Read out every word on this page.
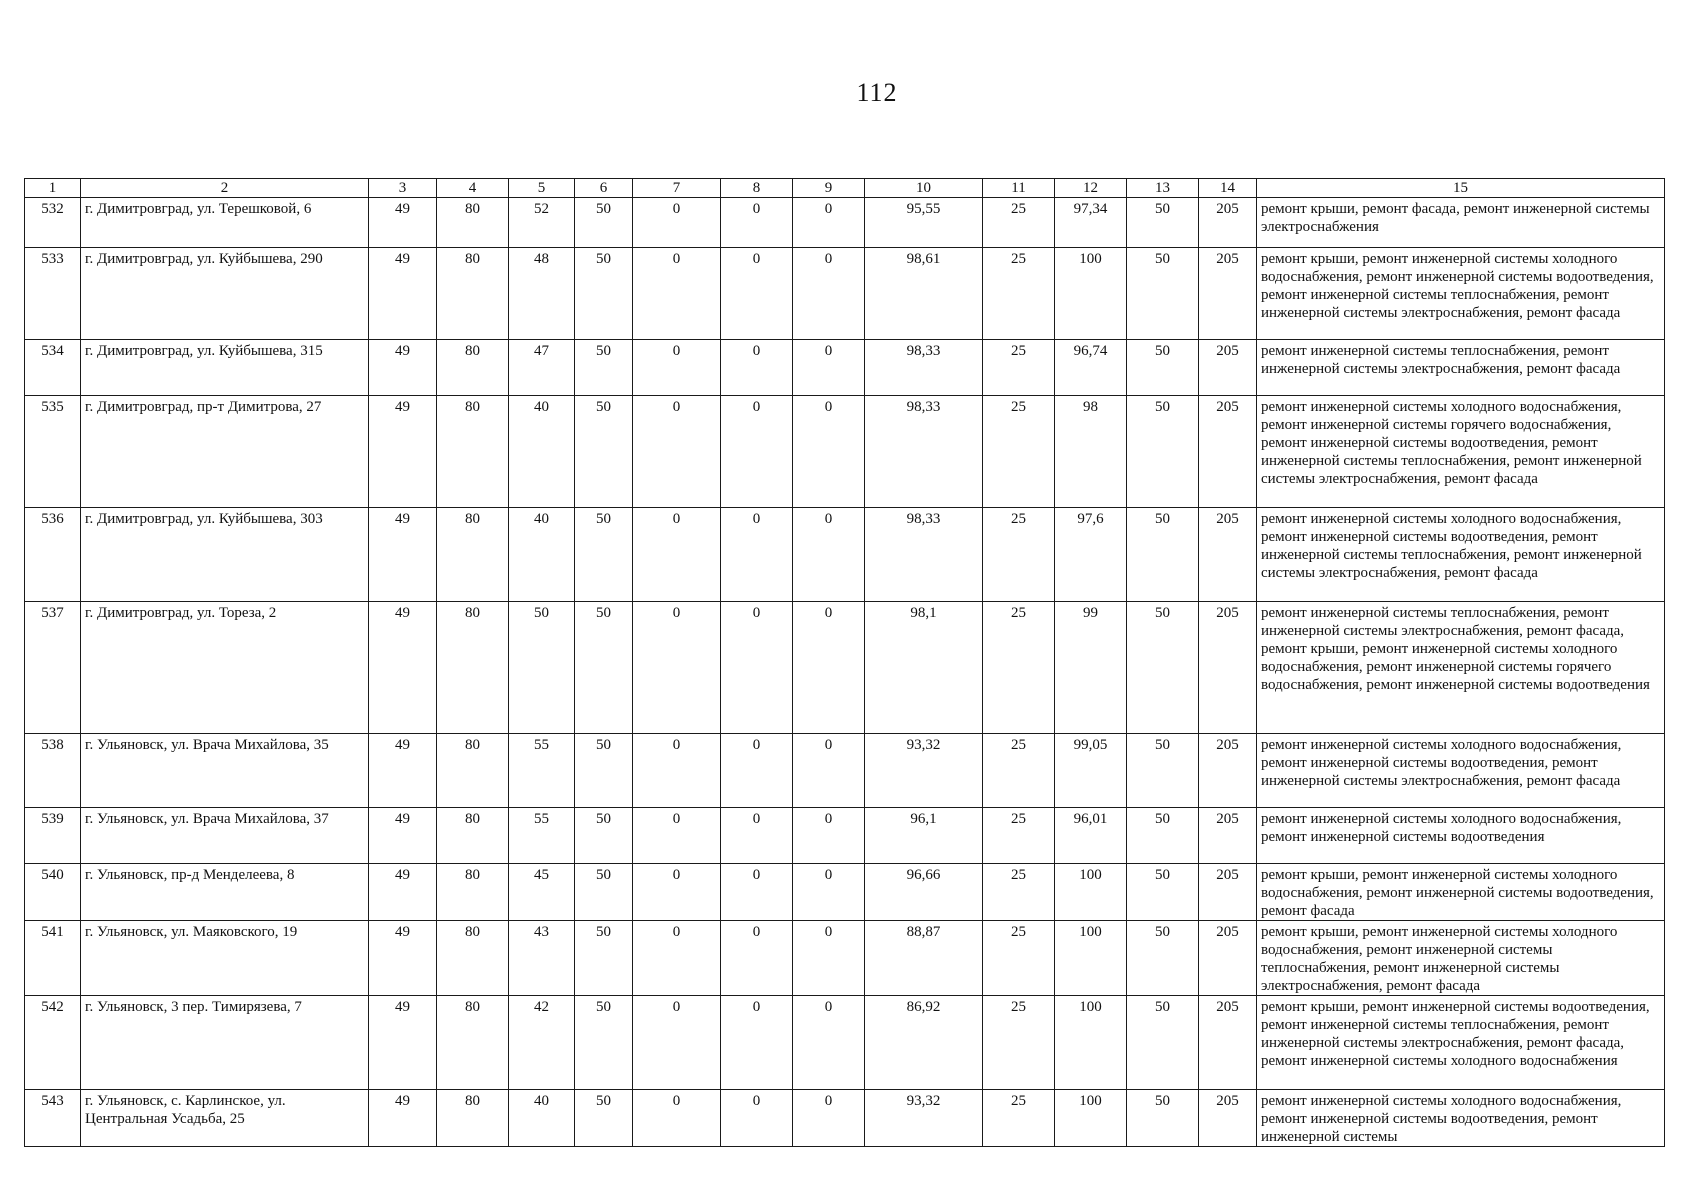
112
1	2	3	4	5	6	7	8	9	10	11	12	13	14	15
532	г. Димитровград, ул. Терешковой, 6	49	80	52	50	0	0	0	95,55	25	97,34	50	205	ремонт крыши, ремонт фасада, ремонт инженерной системы электроснабжения
533	г. Димитровград, ул. Куйбышева, 290	49	80	48	50	0	0	0	98,61	25	100	50	205	ремонт крыши, ремонт инженерной системы холодного водоснабжения, ремонт инженерной системы водоотведения, ремонт инженерной системы теплоснабжения, ремонт инженерной системы электроснабжения, ремонт фасада
534	г. Димитровград, ул. Куйбышева, 315	49	80	47	50	0	0	0	98,33	25	96,74	50	205	ремонт инженерной системы теплоснабжения, ремонт инженерной системы электроснабжения, ремонт фасада
535	г. Димитровград, пр-т Димитрова, 27	49	80	40	50	0	0	0	98,33	25	98	50	205	ремонт инженерной системы холодного водоснабжения, ремонт инженерной системы горячего водоснабжения, ремонт инженерной системы водоотведения, ремонт инженерной системы теплоснабжения, ремонт инженерной системы электроснабжения, ремонт фасада
536	г. Димитровград, ул. Куйбышева, 303	49	80	40	50	0	0	0	98,33	25	97,6	50	205	ремонт инженерной системы холодного водоснабжения, ремонт инженерной системы водоотведения, ремонт инженерной системы теплоснабжения, ремонт инженерной системы электроснабжения, ремонт фасада
537	г. Димитровград, ул. Тореза, 2	49	80	50	50	0	0	0	98,1	25	99	50	205	ремонт инженерной системы теплоснабжения, ремонт инженерной системы электроснабжения, ремонт фасада, ремонт крыши, ремонт инженерной системы холодного водоснабжения, ремонт инженерной системы горячего водоснабжения, ремонт инженерной системы водоотведения
538	г. Ульяновск, ул. Врача Михайлова, 35	49	80	55	50	0	0	0	93,32	25	99,05	50	205	ремонт инженерной системы холодного водоснабжения, ремонт инженерной системы водоотведения, ремонт инженерной системы электроснабжения, ремонт фасада
539	г. Ульяновск, ул. Врача Михайлова, 37	49	80	55	50	0	0	0	96,1	25	96,01	50	205	ремонт инженерной системы холодного водоснабжения, ремонт инженерной системы водоотведения
540	г. Ульяновск, пр-д Менделеева, 8	49	80	45	50	0	0	0	96,66	25	100	50	205	ремонт крыши, ремонт инженерной системы холодного водоснабжения, ремонт инженерной системы водоотведения, ремонт фасада
541	г. Ульяновск, ул. Маяковского, 19	49	80	43	50	0	0	0	88,87	25	100	50	205	ремонт крыши, ремонт инженерной системы холодного водоснабжения, ремонт инженерной системы теплоснабжения, ремонт инженерной системы электроснабжения, ремонт фасада
542	г. Ульяновск, 3 пер. Тимирязева, 7	49	80	42	50	0	0	0	86,92	25	100	50	205	ремонт крыши, ремонт инженерной системы водоотведения, ремонт инженерной системы теплоснабжения, ремонт инженерной системы электроснабжения, ремонт фасада, ремонт инженерной системы холодного водоснабжения
543	г. Ульяновск, с. Карлинское, ул. Центральная Усадьба, 25	49	80	40	50	0	0	0	93,32	25	100	50	205	ремонт инженерной системы холодного водоснабжения, ремонт инженерной системы водоотведения, ремонт инженерной системы
